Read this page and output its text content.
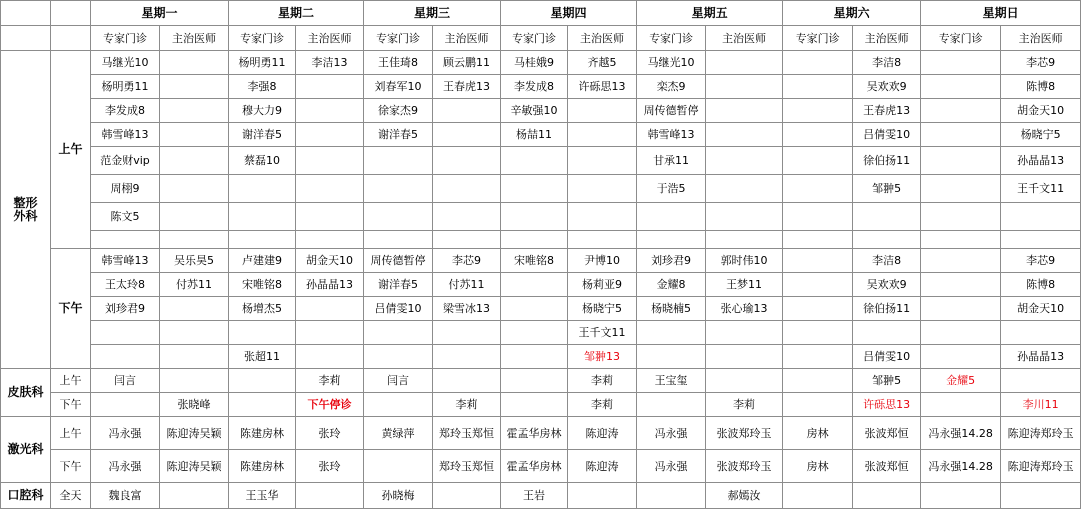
		星期一		星期二		星期三		星期四		星期五		星期六		星期日	
		专家门诊	主治医师	专家门诊	主治医师	专家门诊	主治医师	专家门诊	主治医师	专家门诊	主治医师	专家门诊	主治医师	专家门诊	主治医师
整形外科	上午	马继光10		杨明勇11	李洁13	王佳琦8	顾云鹏11	马桂娥9	齐越5	马继光10			李洁8		李芯9
		杨明勇11		李强8		刘春军10	王春虎13	李发成8	许砾思13	栾杰9			吴欢欢9		陈博8
		李发成8		穆大力9		徐家杰9		辛敏强10		周传德暂停			王春虎13		胡金天10
		韩雪峰13		谢洋春5		谢洋春5		杨喆11		韩雪峰13			吕倩雯10		杨晓宁5
		范金财vip		蔡磊10						甘承11			徐伯扬11		孙晶晶13
		周栩9								于浩5			邹翀5		王千文11
		陈文5													

	下午	韩雪峰13	吴乐昊5	卢建建9	胡金天10	周传德暂停	李芯9	宋唯铭8	尹博10	刘珍君9	郭时伟10		李洁8		李芯9
		王太玲8	付苏11	宋唯铭8	孙晶晶13	谢洋春5	付苏11		杨莉亚9	金耀8	王梦11		吴欢欢9		陈博8
		刘珍君9		杨增杰5		吕倩雯10	梁雪冰13		杨晓宁5	杨晓楠5	张心瑜13		徐伯扬11		胡金天10
									王千文11						
				张超11					邹翀13				吕倩雯10		孙晶晶13
皮肤科	上午	闫言			李莉	闫言			李莉	王宝玺			邹翀5	金耀5	
	下午		张晓峰		下午停诊		李莉		李莉		李莉		许砾思13		李川11
激光科	上午	冯永强	陈迎涛吴颖	陈建房林	张玲	黄绿萍	郑玲玉郑恒	霍孟华房林	陈迎涛	冯永强	张波郑玲玉	房林	张波郑恒	冯永强14.28	陈迎涛郑玲玉
	下午	冯永强	陈迎涛吴颖	陈建房林	张玲		郑玲玉郑恒	霍孟华房林	陈迎涛	冯永强	张波郑玲玉	房林	张波郑恒	冯永强14.28	陈迎涛郑玲玉
口腔科	全天	魏良富		王玉华		孙晓梅		王岩			郝嫣汝				
